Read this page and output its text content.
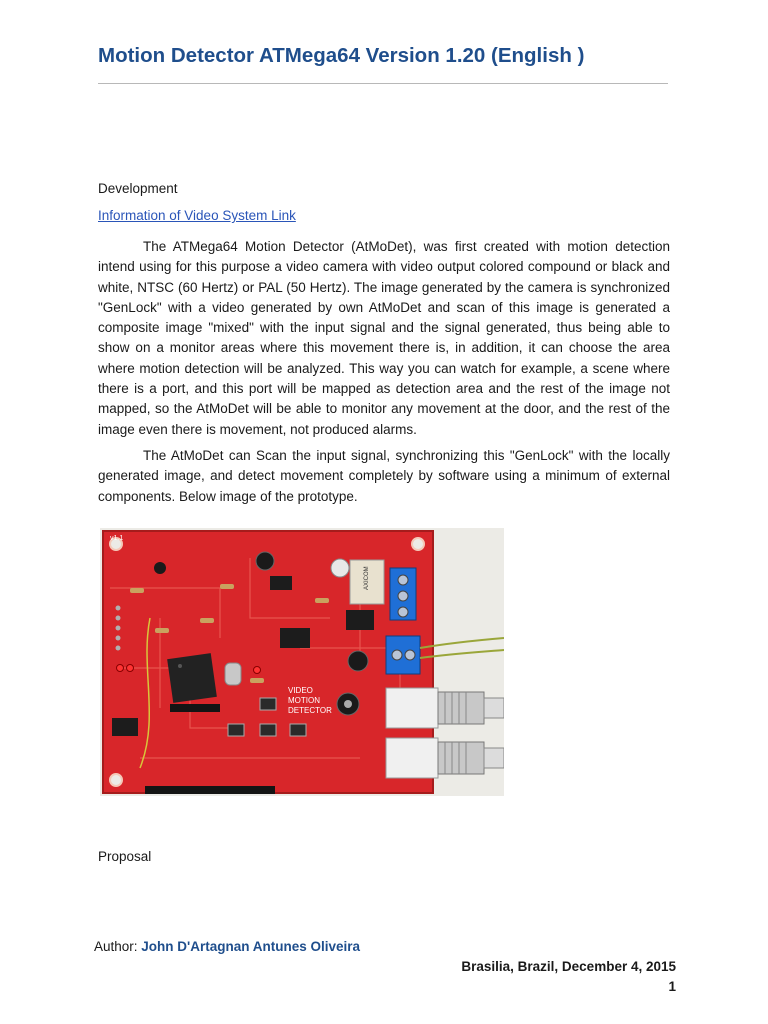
Motion Detector ATMega64 Version 1.20 (English )

Development

Information of Video System Link

The ATMega64 Motion Detector (AtMoDet), was first created with motion detection intend using for this purpose a video camera with video output colored compound or black and white, NTSC (60 Hertz) or PAL (50 Hertz). The image generated by the camera is synchronized "GenLock" with a video generated by own AtMoDet and scan of this image is generated a composite image "mixed" with the input signal and the signal generated, thus being able to show on a monitor areas where this movement there is, in addition, it can choose the area where motion detection will be analyzed. This way you can watch for example, a scene where there is a port, and this port will be mapped as detection area and the rest of the image not mapped, so the AtMoDet will be able to monitor any movement at the door, and the rest of the image even there is movement, not produced alarms.

The AtMoDet can Scan the input signal, synchronizing this "GenLock" with the locally generated image, and detect movement completely by software using a minimum of external components. Below image of the prototype.

v1.1
VIDEO
MOTION
DETECTOR
AXICOM

Proposal

Author: John D'Artagnan Antunes Oliveira
Brasilia, Brazil, December 4, 2015
1
